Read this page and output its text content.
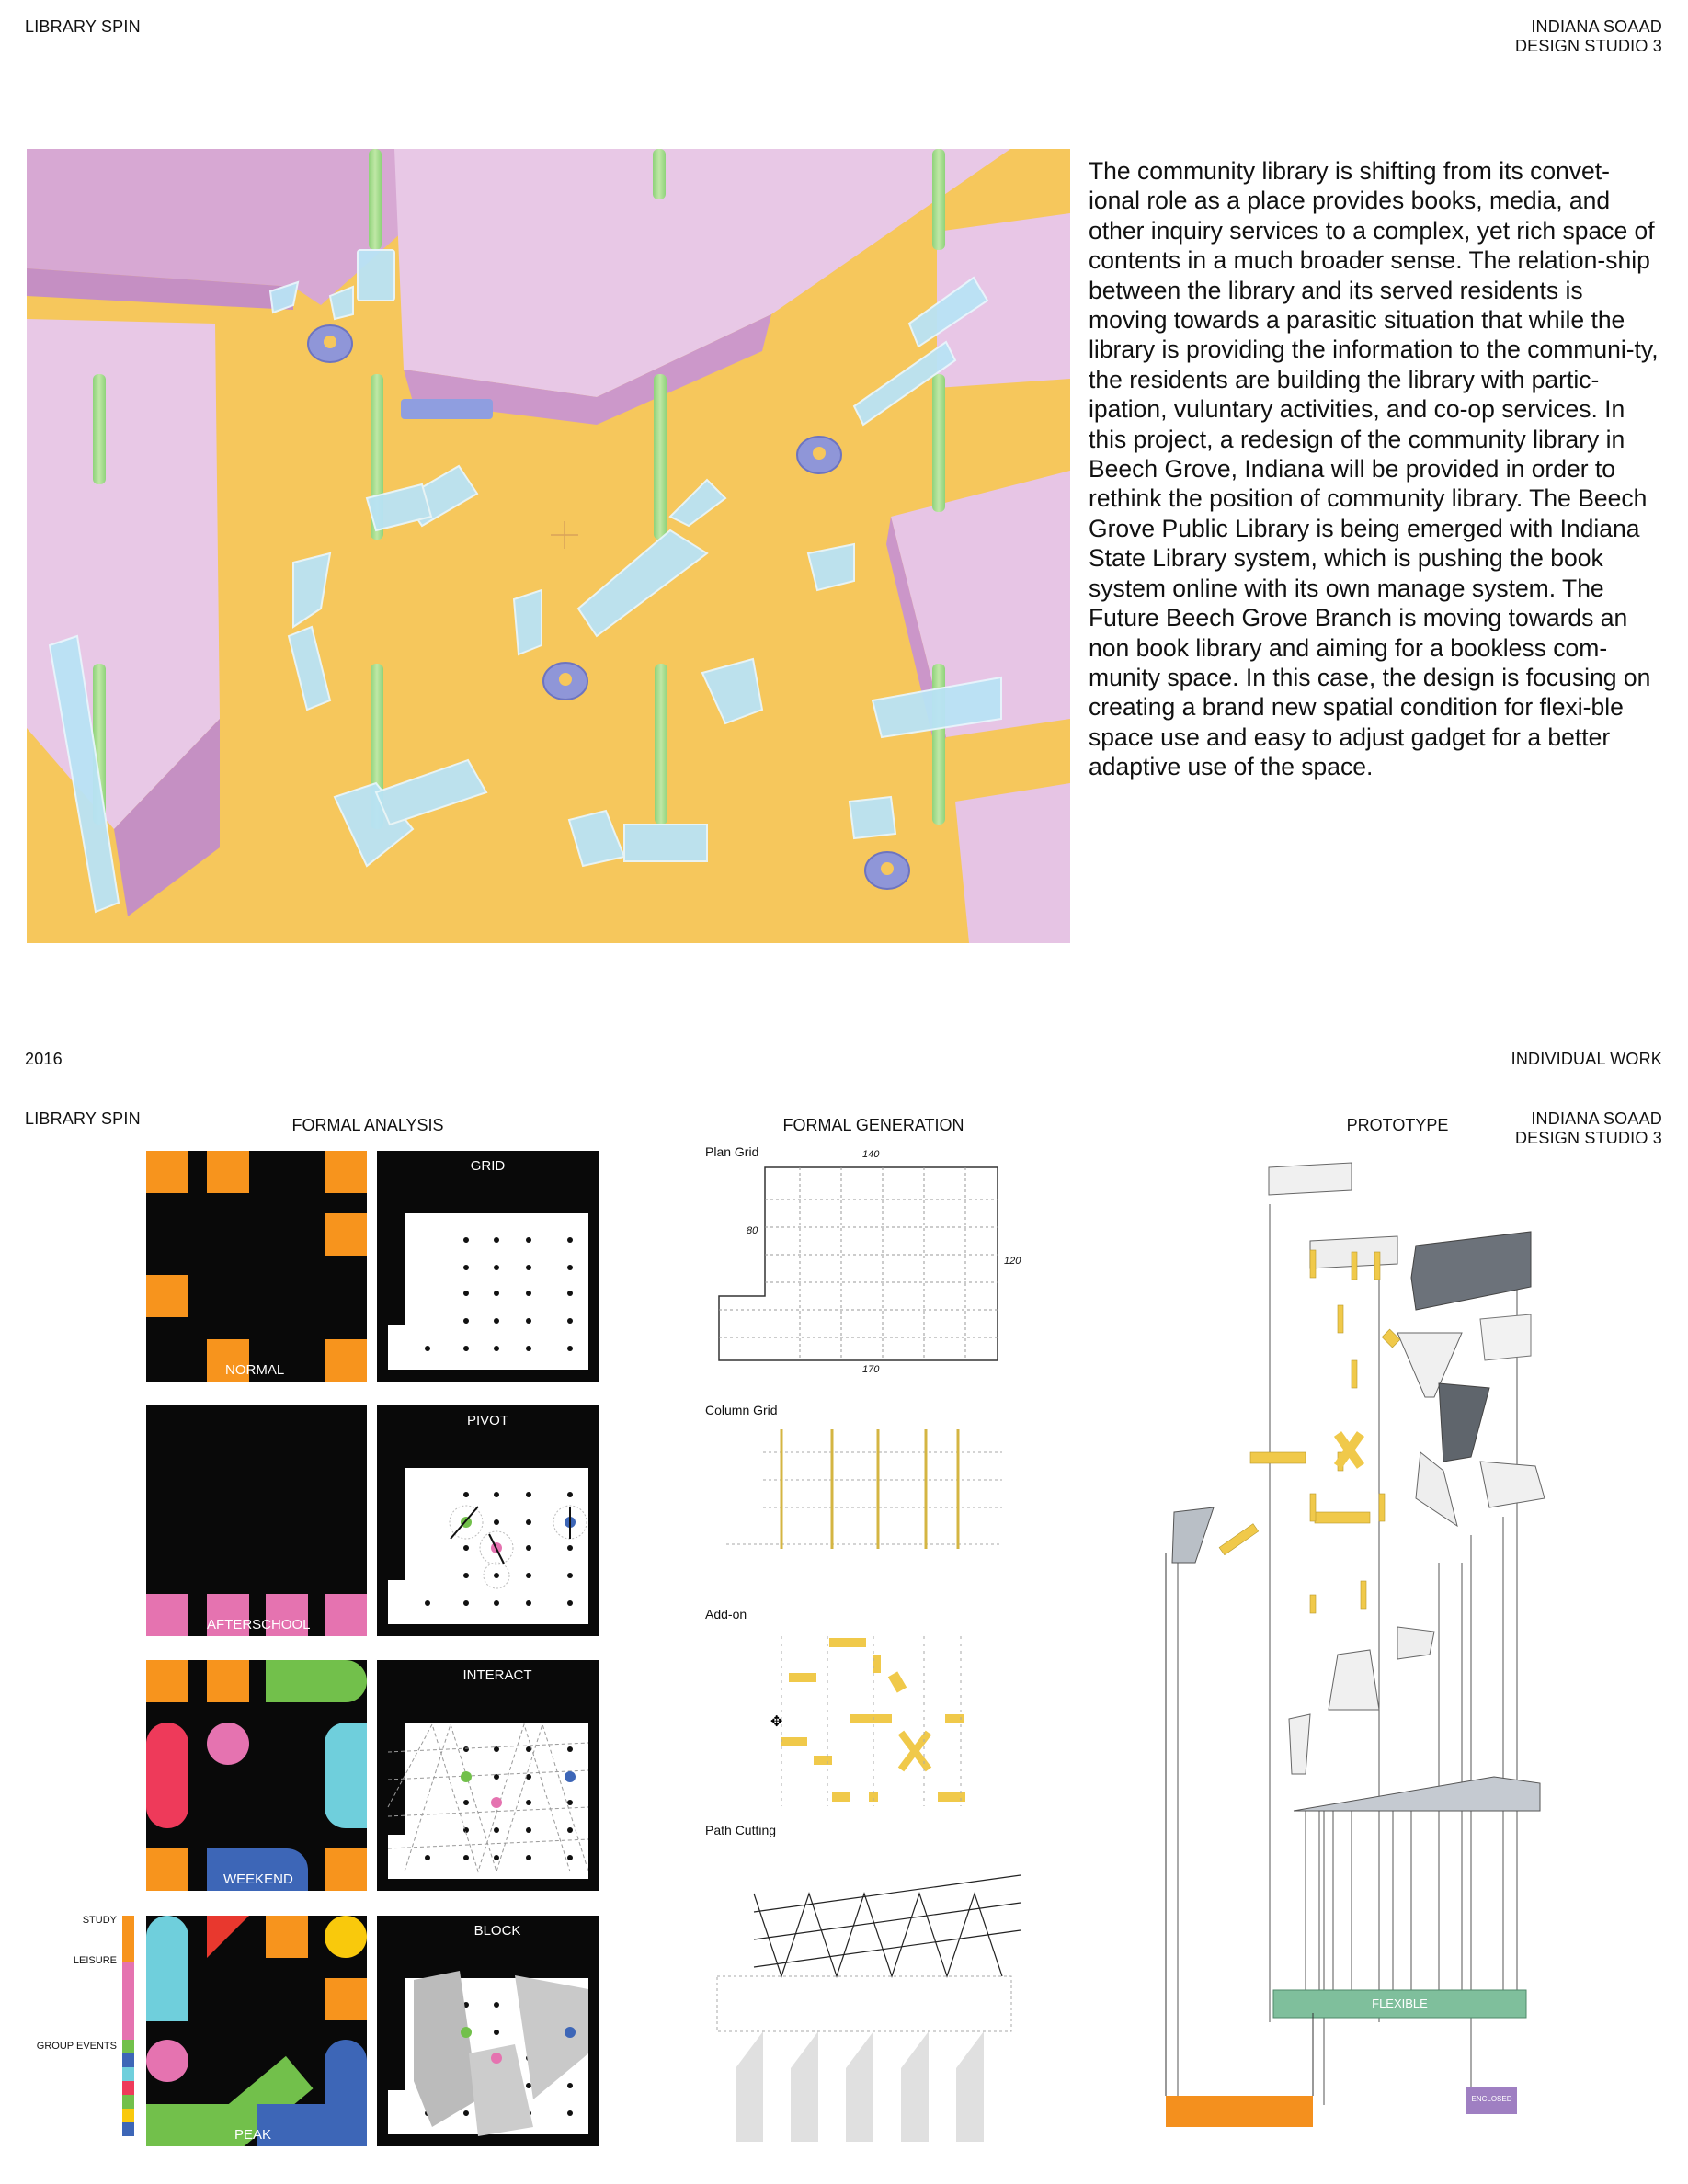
LIBRARY SPIN	INDIANA SOAAD
DESIGN STUDIO 3
The community library is shifting from its convet-ional role as a place provides books, media, and other inquiry services to a complex, yet rich space of contents in a much broader sense. The relation-ship between the library and its served residents is moving towards a parasitic situation that while the library is providing the information to the communi-ty, the residents are building the library with partic-ipation, vuluntary activities, and co-op services. In this project, a redesign of the community library in Beech Grove, Indiana will be provided in order to rethink the position of community library. The Beech Grove Public Library is being emerged with Indiana State Library system, which is pushing the book system online with its own manage system. The Future Beech Grove Branch is moving towards an non book library and aiming for a bookless com-munity space. In this case, the design is focusing on creating a brand new spatial condition for flexi-ble space use and easy to adjust gadget for a better adaptive use of the space.
2016	INDIVIDUAL WORK
LIBRARY SPIN	INDIANA SOAAD
DESIGN STUDIO 3
FORMAL ANALYSIS	FORMAL GENERATION	PROTOTYPE
NORMAL
AFTERSCHOOL
WEEKEND
PEAK
GRID
PIVOT
INTERACT
BLOCK
STUDY
LEISURE
GROUP EVENTS
Plan Grid	140
80
120
170
Column Grid
Add-on
✥
Path Cutting
FLEXIBLE
FIXED
ENCLOSED
